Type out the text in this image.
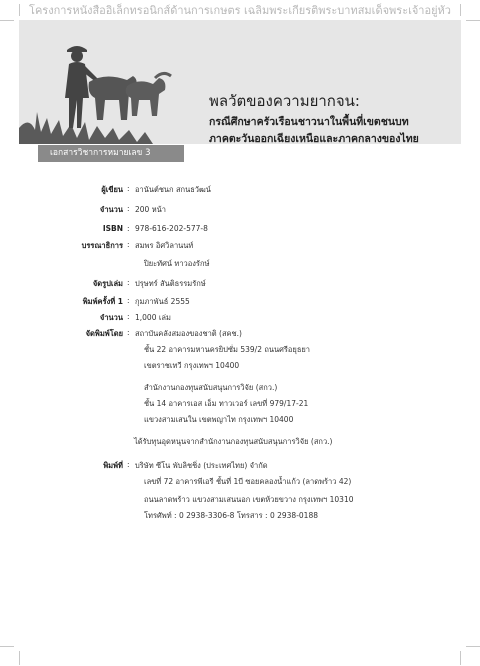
โครงการหนังสืออิเล็กทรอนิกส์ด้านการเกษตร เฉลิมพระเกียรติพระบาทสมเด็จพระเจ้าอยู่หัว
พลวัตของความยากจน:
กรณีศึกษาครัวเรือนชาวนาในพื้นที่เขตชนบท
ภาคตะวันออกเฉียงเหนือและภาคกลางของไทย
เอกสารวิชาการหมายเลข 3
ผู้เขียน : อานันต์ชนก สกนธวัฒน์
จำนวน : 200 หน้า
ISBN : 978-616-202-577-8
บรรณาธิการ : สมพร อิศวิลานนท์
ปิยะทัศน์ ทาวองรักษ์
จัดรูปเล่ม : ปรุษทร์ สันติธรรมรักษ์
พิมพ์ครั้งที่ 1 : กุมภาพันธ์ 2555
จำนวน : 1,000 เล่ม
จัดพิมพ์โดย : สถาบันคลังสมองของชาติ (สคช.)
ชั้น 22 อาคารมหานครยิปซั่ม 539/2 ถนนศรีอยุธยา
เขตราชเทวี กรุงเทพฯ 10400
สำนักงานกองทุนสนับสนุนการวิจัย (สกว.)
ชั้น 14 อาคารเอส เอ็ม ทาวเวอร์ เลขที่ 979/17-21
แขวงสามเสนใน เขตพญาไท กรุงเทพฯ 10400
ได้รับทุนอุดหนุนจากสำนักงานกองทุนสนับสนุนการวิจัย (สกว.)
พิมพ์ที่ : บริษัท ซีโน พับลิชชิ่ง (ประเทศไทย) จำกัด
เลขที่ 72 อาคารพีเอรี ชั้นที่ 1บี ซอยคลองน้ำแก้ว (ลาดพร้าว 42)
ถนนลาดพร้าว แขวงสามเสนนอก เขตห้วยขวาง กรุงเทพฯ 10310
โทรศัพท์ : 0 2938-3306-8 โทรสาร : 0 2938-0188
